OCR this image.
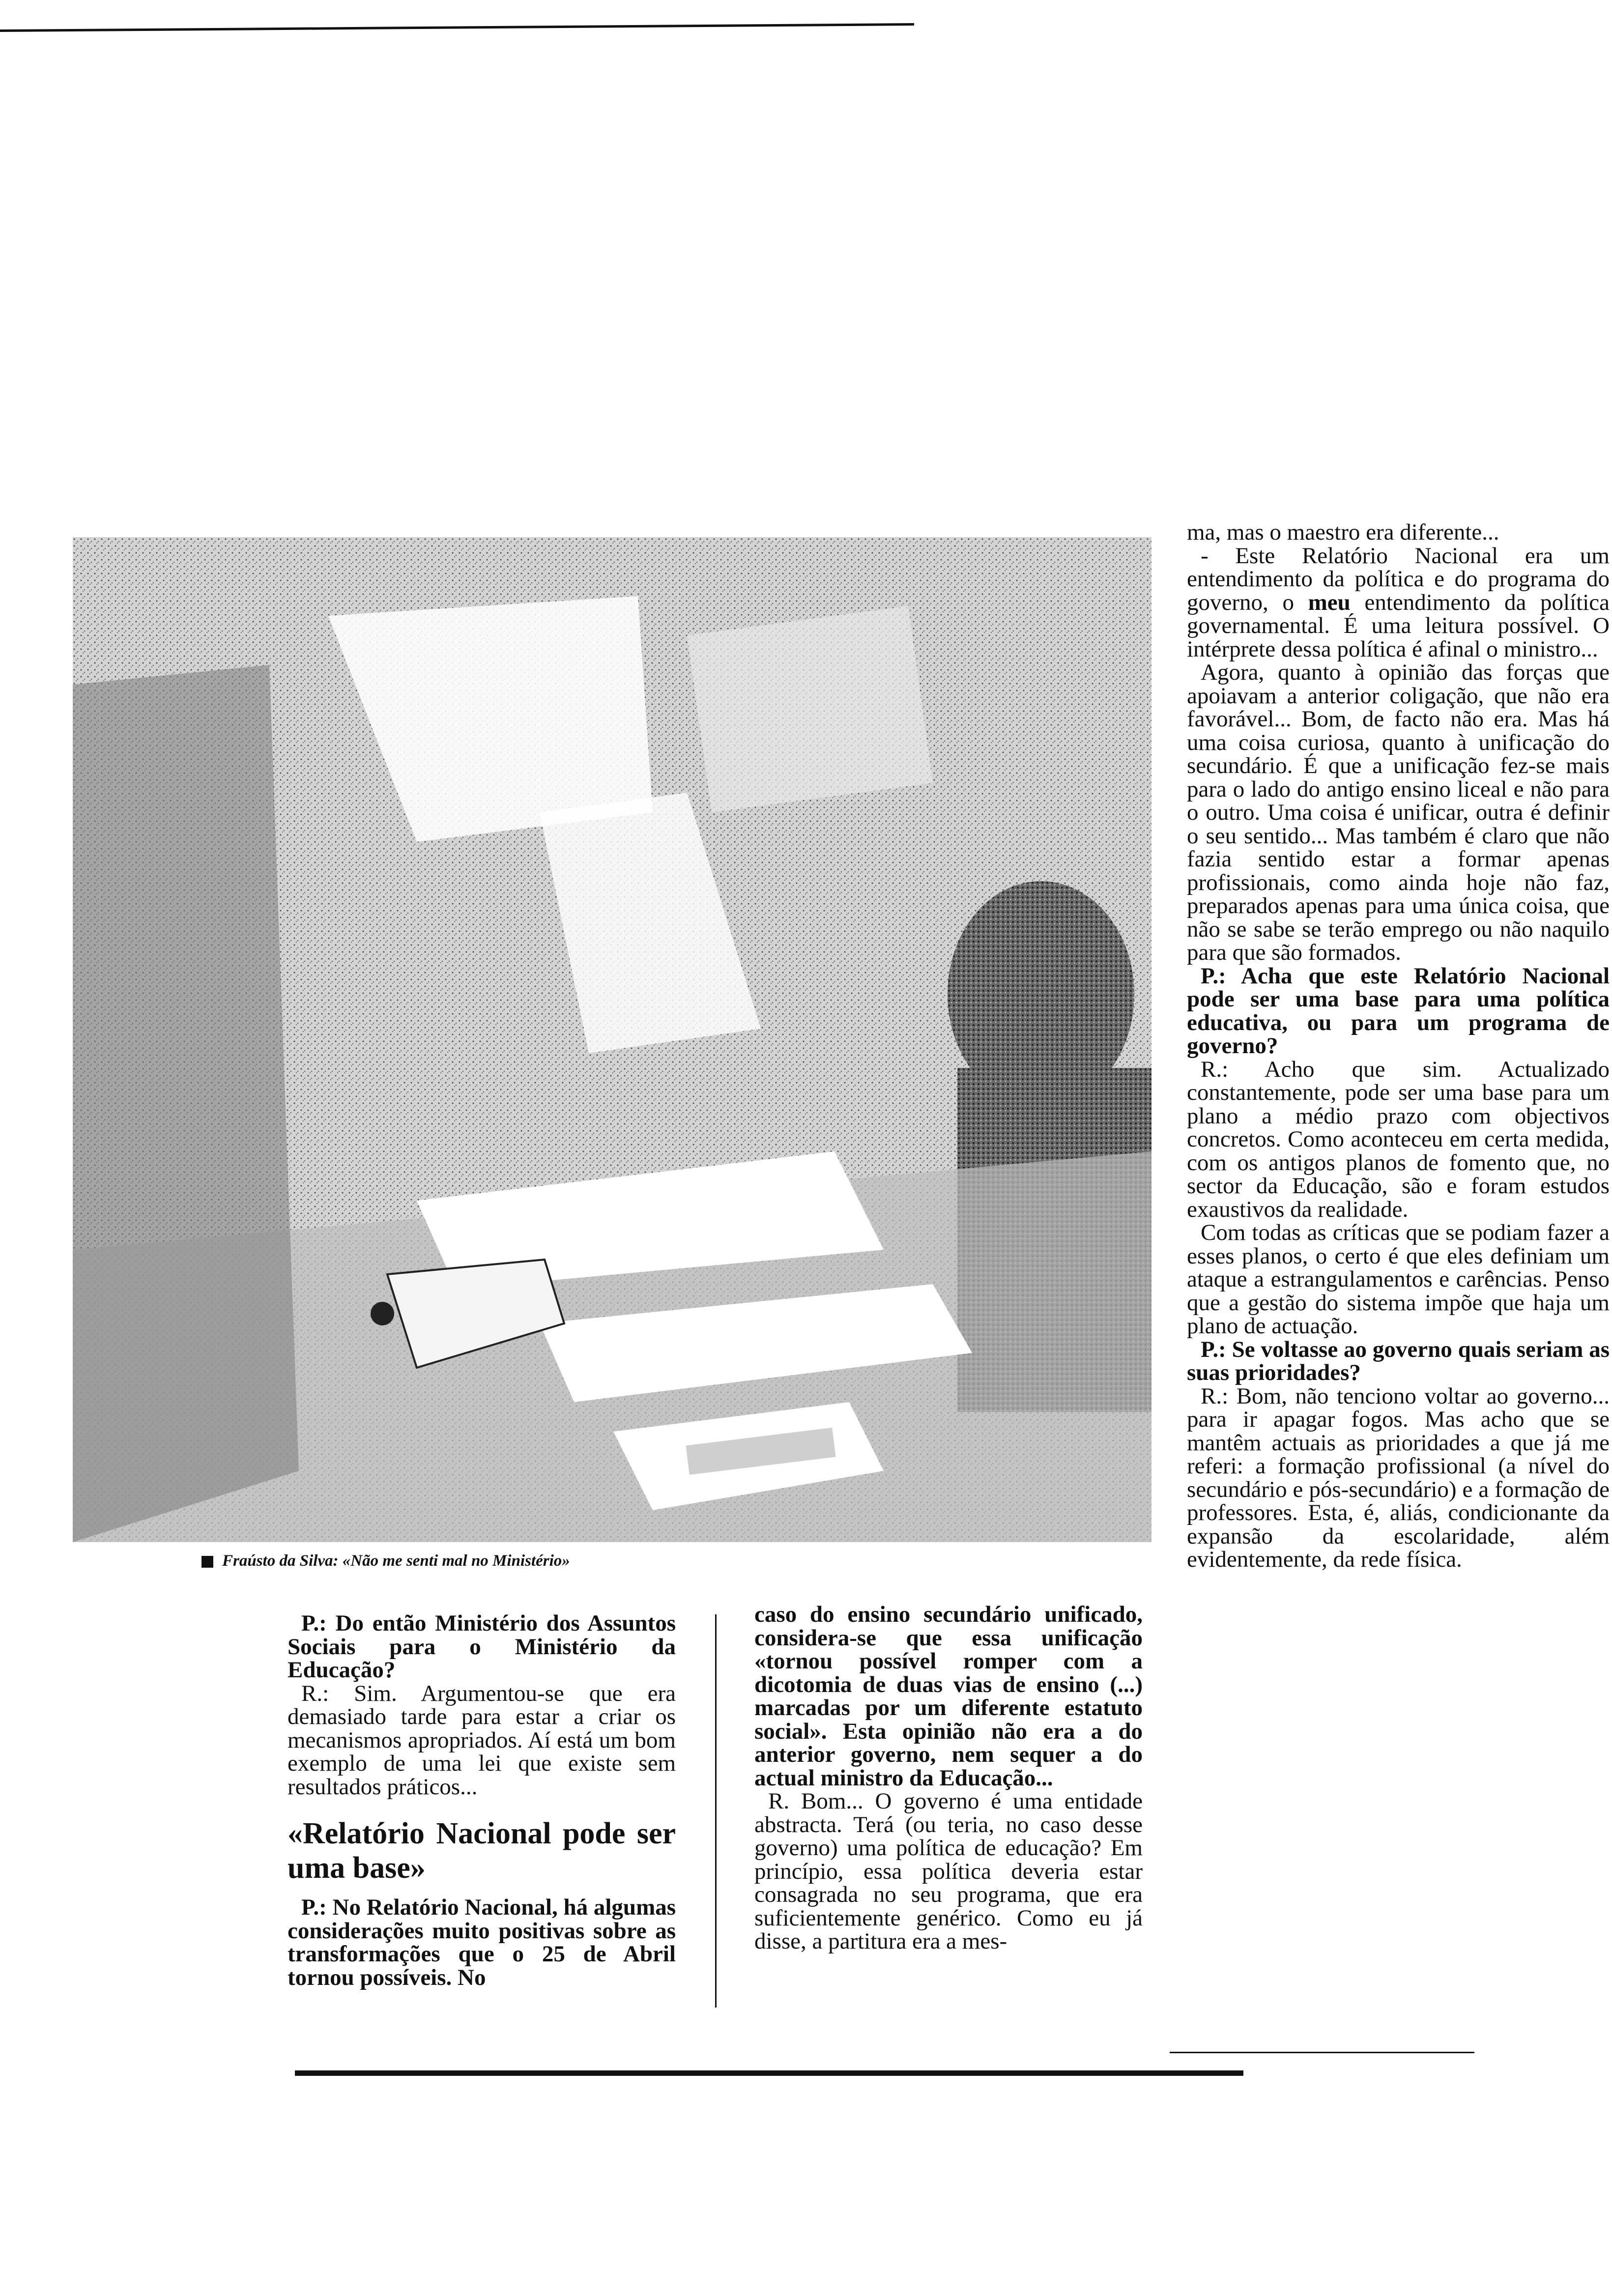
Fraústo da Silva: «Não me senti mal no Ministério»

P.: Do então Ministério dos Assuntos Sociais para o Ministério da Educação?

R.: Sim. Argumentou-se que era demasiado tarde para estar a criar os mecanismos apropriados. Aí está um bom exemplo de uma lei que existe sem resultados práticos...

«Relatório Nacional pode ser uma base»

P.: No Relatório Nacional, há algumas considerações muito positivas sobre as transformações que o 25 de Abril tornou possíveis. No

caso do ensino secundário unificado, considera-se que essa unificação «tornou possível romper com a dicotomia de duas vias de ensino (...) marcadas por um diferente estatuto social». Esta opinião não era a do anterior governo, nem sequer a do actual ministro da Educação...

R. Bom... O governo é uma entidade abstracta. Terá (ou teria, no caso desse governo) uma política de educação? Em princípio, essa política deveria estar consagrada no seu programa, que era suficientemente genérico. Como eu já disse, a partitura era a mes-

ma, mas o maestro era diferente...

- Este Relatório Nacional era um entendimento da política e do programa do governo, o meu entendimento da política governamental. É uma leitura possível. O intérprete dessa política é afinal o ministro...

Agora, quanto à opinião das forças que apoiavam a anterior coligação, que não era favorável... Bom, de facto não era. Mas há uma coisa curiosa, quanto à unificação do secundário. É que a unificação fez-se mais para o lado do antigo ensino liceal e não para o outro. Uma coisa é unificar, outra é definir o seu sentido... Mas também é claro que não fazia sentido estar a formar apenas profissionais, como ainda hoje não faz, preparados apenas para uma única coisa, que não se sabe se terão emprego ou não naquilo para que são formados.

P.: Acha que este Relatório Nacional pode ser uma base para uma política educativa, ou para um programa de governo?

R.: Acho que sim. Actualizado constantemente, pode ser uma base para um plano a médio prazo com objectivos concretos. Como aconteceu em certa medida, com os antigos planos de fomento que, no sector da Educação, são e foram estudos exaustivos da realidade.

Com todas as críticas que se podiam fazer a esses planos, o certo é que eles definiam um ataque a estrangulamentos e carências. Penso que a gestão do sistema impõe que haja um plano de actuação.

P.: Se voltasse ao governo quais seriam as suas prioridades?

R.: Bom, não tenciono voltar ao governo... para ir apagar fogos. Mas acho que se mantêm actuais as prioridades a que já me referi: a formação profissional (a nível do secundário e pós-secundário) e a formação de professores. Esta, é, aliás, condicionante da expansão da escolaridade, além evidentemente, da rede física.
